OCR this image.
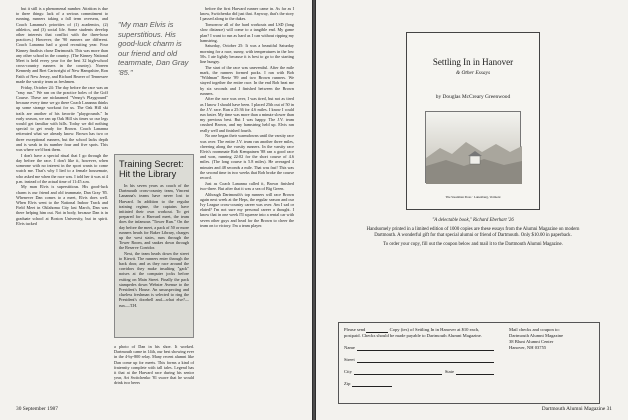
but it still is a phenomenal number. Attrition is due to three things: lack of a serious commitment to running, runners taking a fall term overseas, and Coach Lananna's priorities of (1) academics, (2) athletics, and (3) social life. Some students develop other interests that conflict with the three-hour practices.) However, the '90 runners are different. Coach Lananna had a good recruiting year. Four Kinney finalists chose Dartmouth. This was more than any other school in the country. (The Kinney National Meet is held every year for the best 32 high-school cross-country runners in the country). Noreen Kennedy and Bret Cartwright of New Hampshire, Ron Faith of New Jersey, and Richard Beaver of Tennessee made the varsity team as freshmen.

Friday, October 24: The day before the race was an "easy run." We ran on the practice holes of the Golf Course. These are nicknamed "Venny's Playground" because every time we go there Coach Lananna thinks up some strange workout for us. The Oak Hill ski trails are another of his favorite "playgrounds." In early season, we ran up Oak Hill six times so our legs would get familiar with hills. Today we did nothing special to get ready for Brown. Coach Lananna reiterated what we already know: Brown has two or three exceptional runners, but the school lacks depth and is weak in its number four and five spots. This was where we'd beat them.

I don't have a special ritual that I go through the day before the race. I don't like it, however, when someone with no interest in the sport wants to come watch me. That's why I lied to a female housemate, who asked me when the race was. I told her it was at 4 p.m. instead of the actual time of 11:45 a.m.

My man Elvis is superstitious. His good-luck charm is our friend and old teammate, Dan Gray '85. Whenever Dan comes to a meet, Elvis does well. When Elvis went to the National Indoor Track and Field Meet in Oklahoma City last March, Dan was there helping him out. Not in body, because Dan is in graduate school at Boston University, but in spirit. Elvis tucked

"My man Elvis is superstitious. His good-luck charm is our friend and old teammate, Dan Gray '85."
Training Secret: Hit the Library

In his seven years as coach of the Dartmouth cross-country team, Vincent Lananna's teams have never lost to Harvard. In addition to the regular training regime, the captains have initiated their own workout. To get prepared for a Harvard meet, the team does the infamous "Tower Run." On the day before the meet, a pack of 50 or more runners heads for Baker Library, charges up the west stairs, runs through the Tower Room, and snakes down through the Reserve Corridor.

Next, the team heads down the street to Kiewit. The runners enter through the back door, and as they race around the corridors they make insulting "gack" noises at the computer jocks before exiting on Main Street. Finally the pack stampedes down Webster Avenue to the President's House. An unsuspecting and clueless freshman is selected to ring the President's doorbell and—what else?—run.—T.H.

a photo of Dan in his shoe. It worked. Dartmouth came in 14th, our best showing ever in the 4-by-800 relay. Many recent alumni like Dan come up for meets. This forms a kind of fraternity complete with tall tales. Legend has it that at the Harvard race during his senior year, Art Switchenko '81 swore that he would drink two beers

before the first Harvard runner came in. As far as I know, Switchenko did just that. Anyway, that's the story I passed along to the dukes.

Tomorrow all of the hard workouts and LSD (long slow distance) will come to a tangible end. My game plan? I want to run as hard as I can without ripping my hamstring.

Saturday, October 25: It was a beautiful Saturday morning for a race, sunny, with temperatures in the low 50s. I ate lightly because it is best to go to the starting line hungry.

The start of the race was uneventful. After the mile mark, the runners formed packs. I ran with Bob "Wildman" Reetz '89 and two Brown runners. We stayed together the entire race. In the end Bob beat me by six seconds and I finished between the Brown runners.

After the race was over, I was tired, but not as tired as I know I should have been. I placed 25th out of 50 in the J.V. race. Ran a 25:36 for 4.6 miles. I know I could run faster. My time was more than a minute slower than my previous best. But I was happy. The J.V. team crushed Brown, and my hamstring held up. Elvis ran really well and finished fourth.

No one began their warmdowns until the varsity race was over. The entire J.V. team ran another three miles, cheering along the varsity runners. In the varsity race Elvis's roommate Rob Kempainen '88 ran a good race and won, running 22:02 for the short course of 4.6 miles. (The long course is 5.8 miles). He averaged 4 minutes and 48 seconds a mile. That was fast! This was the second time in two weeks that Rob broke the course record.

Just as Coach Lananna called it, Brown finished two-three. But after that it was a sea of Big Green.

Although Dartmouth's top runners will race Brown again next week at the Heps, the regular season and our Ivy League cross-country career was over. Am I sad or elated? I'm not sure my personal career a thought. I know that in one week I'll squeeze into a rental car with seven other guys and head for the Brown to cheer the team on to victory. I'm a team player.

30 September 1987
Settling In in Hanover
& Other Essays
by Douglas McCreary Greenwood
The Steadman Press · Lunenburg, Vermont
"A delectable book," Richard Eberhart '26
Handsomely printed in a limited edition of 1000 copies are these essays from the Alumni Magazine on modern Dartmouth. A wonderful gift for that special alumni or friend of Dartmouth. Only $10.00 in paperback.
To order your copy, fill out the coupon below and mail it to the Dartmouth Alumni Magazine.
Please send	Copy (ies) of Settling In in Hanover at $10 each, postpaid. Checks should be made payable to Dartmouth Alumni Magazine.
Name
Street
City	State
Zip
Mail checks and coupon to:
Dartmouth Alumni Magazine
38 Blunt Alumni Center
Hanover, NH 03755
Dartmouth Alumni Magazine 31
